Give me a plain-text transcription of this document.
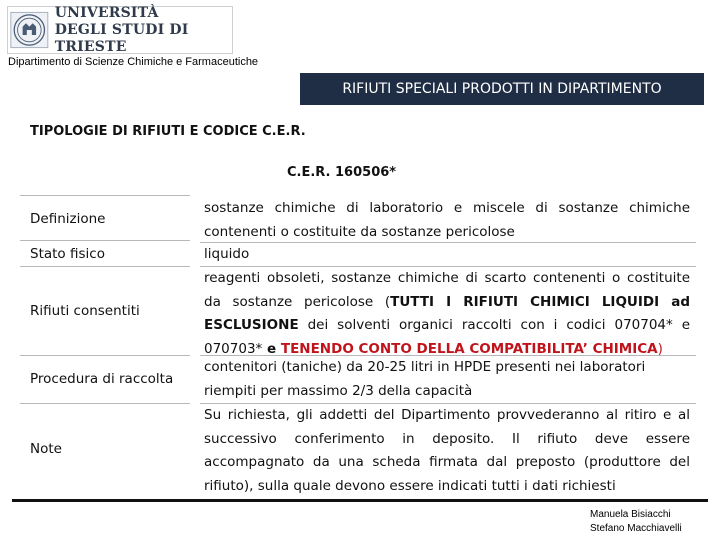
UNIVERSITÀ
DEGLI STUDI DI TRIESTE
Dipartimento di Scienze Chimiche e Farmaceutiche
RIFIUTI SPECIALI PRODOTTI IN DIPARTIMENTO
TIPOLOGIE DI RIFIUTI E CODICE C.E.R.
C.E.R. 160506*
Definizione

sostanze chimiche di laboratorio e miscele di sostanze chimiche contenenti o costituite da sostanze pericolose

Stato fisico	liquido

Rifiuti consentiti

reagenti obsoleti, sostanze chimiche di scarto contenenti o costituite da sostanze pericolose (TUTTI I RIFIUTI CHIMICI LIQUIDI ad ESCLUSIONE dei solventi organici raccolti con i codici 070704* e 070703* e TENENDO CONTO DELLA COMPATIBILITA’ CHIMICA)

Procedura di raccolta

contenitori (taniche) da 20-25 litri in HPDE presenti nei laboratori riempiti per massimo 2/3 della capacità

Note

Su richiesta, gli addetti del Dipartimento provvederanno al ritiro e al successivo conferimento in deposito. Il rifiuto deve essere accompagnato da una scheda firmata dal preposto (produttore del rifiuto), sulla quale devono essere indicati tutti i dati richiesti

Manuela Bisiacchi
Stefano Macchiavelli
